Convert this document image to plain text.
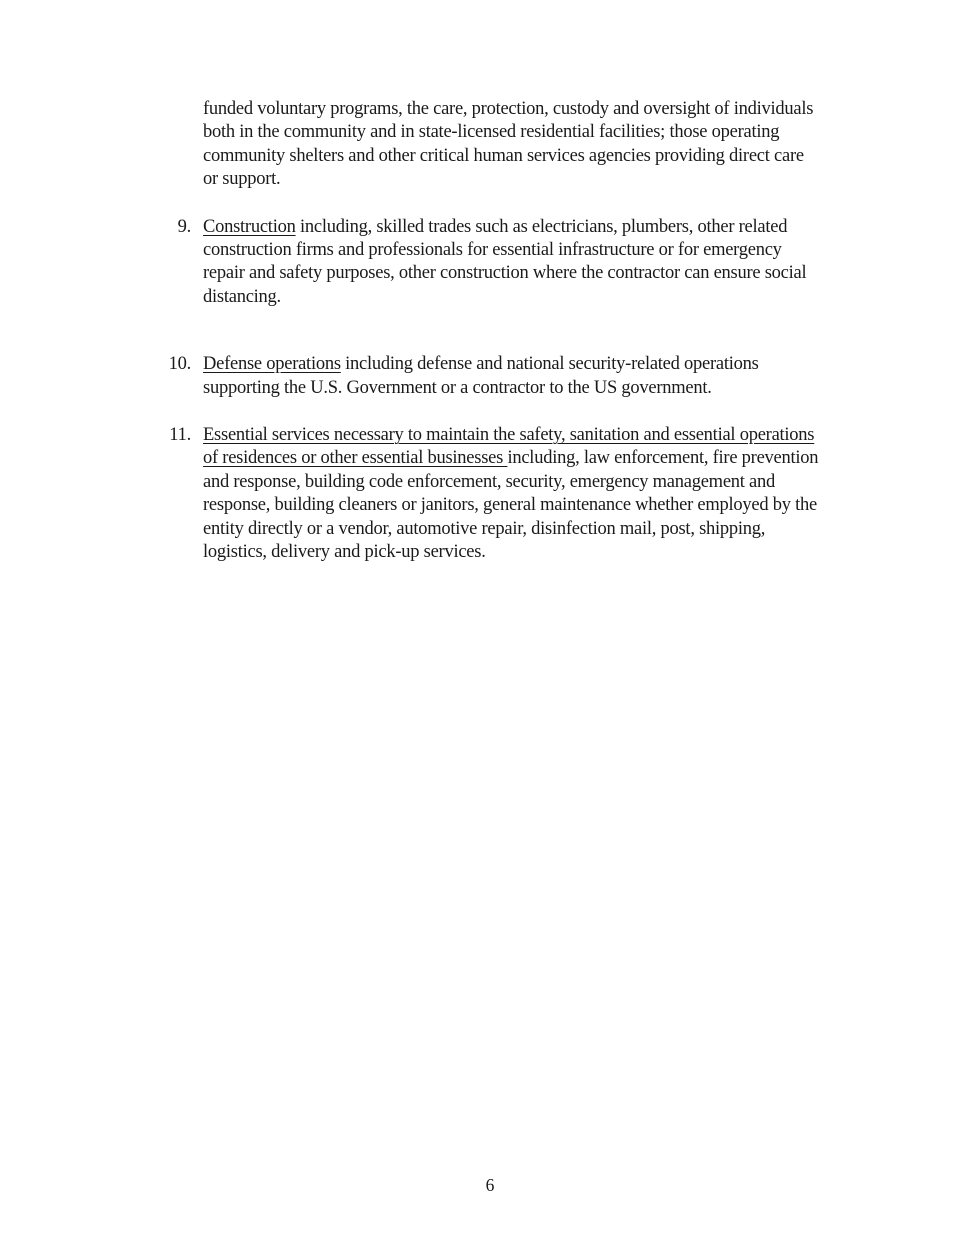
funded voluntary programs, the care, protection, custody and oversight of individuals
both in the community and in state-licensed residential facilities; those operating
community shelters and other critical human services agencies providing direct care
or support.
9. Construction including, skilled trades such as electricians, plumbers, other related
construction firms and professionals for essential infrastructure or for emergency
repair and safety purposes, other construction where the contractor can ensure social
distancing.
10. Defense operations including defense and national security-related operations
supporting the U.S. Government or a contractor to the US government.
11. Essential services necessary to maintain the safety, sanitation and essential operations
of residences or other essential businesses including, law enforcement, fire prevention
and response, building code enforcement, security, emergency management and
response, building cleaners or janitors, general maintenance whether employed by the
entity directly or a vendor, automotive repair, disinfection mail, post, shipping,
logistics, delivery and pick-up services.
6
